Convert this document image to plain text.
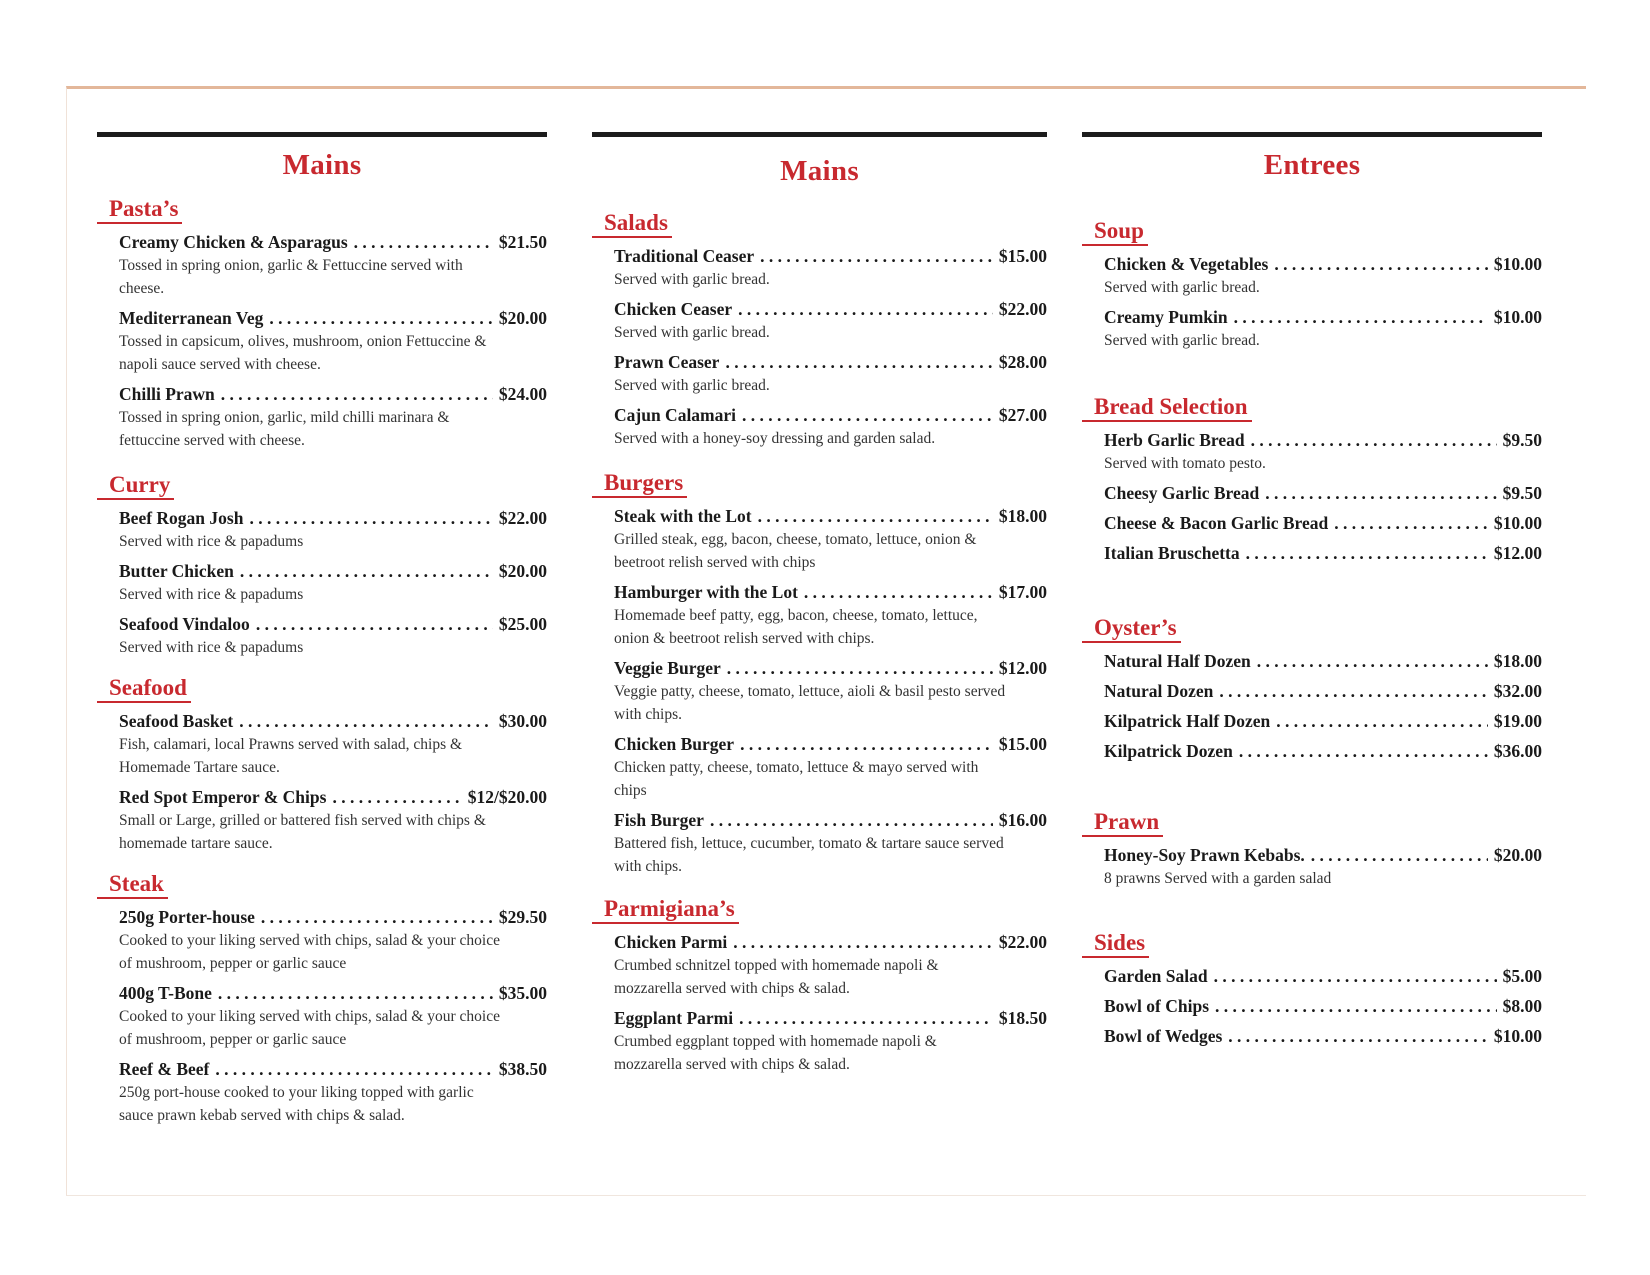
Mains
Pasta’s
Creamy Chicken & Asparagus . . .	$21.50
Tossed in spring onion, garlic & Fettuccine served with cheese.
Mediterranean Veg . . .	$20.00
Tossed in capsicum, olives, mushroom, onion Fettuccine & napoli sauce served with cheese.
Chilli Prawn . . .	$24.00
Tossed in spring onion, garlic, mild chilli marinara & fettuccine served with cheese.
Curry
Beef Rogan Josh . . .	$22.00
Served with rice & papadums
Butter Chicken . . .	$20.00
Served with rice & papadums
Seafood Vindaloo . . .	$25.00
Served with rice & papadums
Seafood
Seafood Basket . . .	$30.00
Fish, calamari, local Prawns served with salad, chips & Homemade Tartare sauce.
Red Spot Emperor & Chips . . .	$12/$20.00
Small or Large, grilled or battered fish served with chips & homemade tartare sauce.
Steak
250g Porter-house . . .	$29.50
Cooked to your liking served with chips, salad & your choice of mushroom, pepper or garlic sauce
400g T-Bone . . .	$35.00
Cooked to your liking served with chips, salad & your choice of mushroom, pepper or garlic sauce
Reef & Beef . . .	$38.50
250g port-house cooked to your liking topped with garlic sauce prawn kebab served with chips & salad.
Mains
Salads
Traditional Ceaser . . .	$15.00
Served with garlic bread.
Chicken Ceaser . . .	$22.00
Served with garlic bread.
Prawn Ceaser . . .	$28.00
Served with garlic bread.
Cajun Calamari . . .	$27.00
Served with a honey-soy dressing and garden salad.
Burgers
Steak with the Lot . . .	$18.00
Grilled steak, egg, bacon, cheese, tomato, lettuce, onion & beetroot relish served with chips
Hamburger with the Lot . . .	$17.00
Homemade beef patty, egg, bacon, cheese, tomato, lettuce, onion & beetroot relish served with chips.
Veggie Burger . . .	$12.00
Veggie patty, cheese, tomato, lettuce, aioli & basil pesto served with chips.
Chicken Burger . . .	$15.00
Chicken patty, cheese, tomato, lettuce & mayo served with chips
Fish Burger . . .	$16.00
Battered fish, lettuce, cucumber, tomato & tartare sauce served with chips.
Parmigiana’s
Chicken Parmi . . .	$22.00
Crumbed schnitzel topped with homemade napoli & mozzarella served with chips & salad.
Eggplant Parmi . . .	$18.50
Crumbed eggplant topped with homemade napoli & mozzarella served with chips & salad.
Entrees
Soup
Chicken & Vegetables . . .	$10.00
Served with garlic bread.
Creamy Pumkin . . .	$10.00
Served with garlic bread.
Bread Selection
Herb Garlic Bread . . .	$9.50
Served with tomato pesto.
Cheesy Garlic Bread . . .	$9.50
Cheese & Bacon Garlic Bread . . .	$10.00
Italian Bruschetta . . .	$12.00
Oyster’s
Natural Half Dozen . . .	$18.00
Natural Dozen . . .	$32.00
Kilpatrick Half Dozen . . .	$19.00
Kilpatrick Dozen . . .	$36.00
Prawn
Honey-Soy Prawn Kebabs. . . .	$20.00
8 prawns Served with a garden salad
Sides
Garden Salad . . .	$5.00
Bowl of Chips . . .	$8.00
Bowl of Wedges . . .	$10.00
